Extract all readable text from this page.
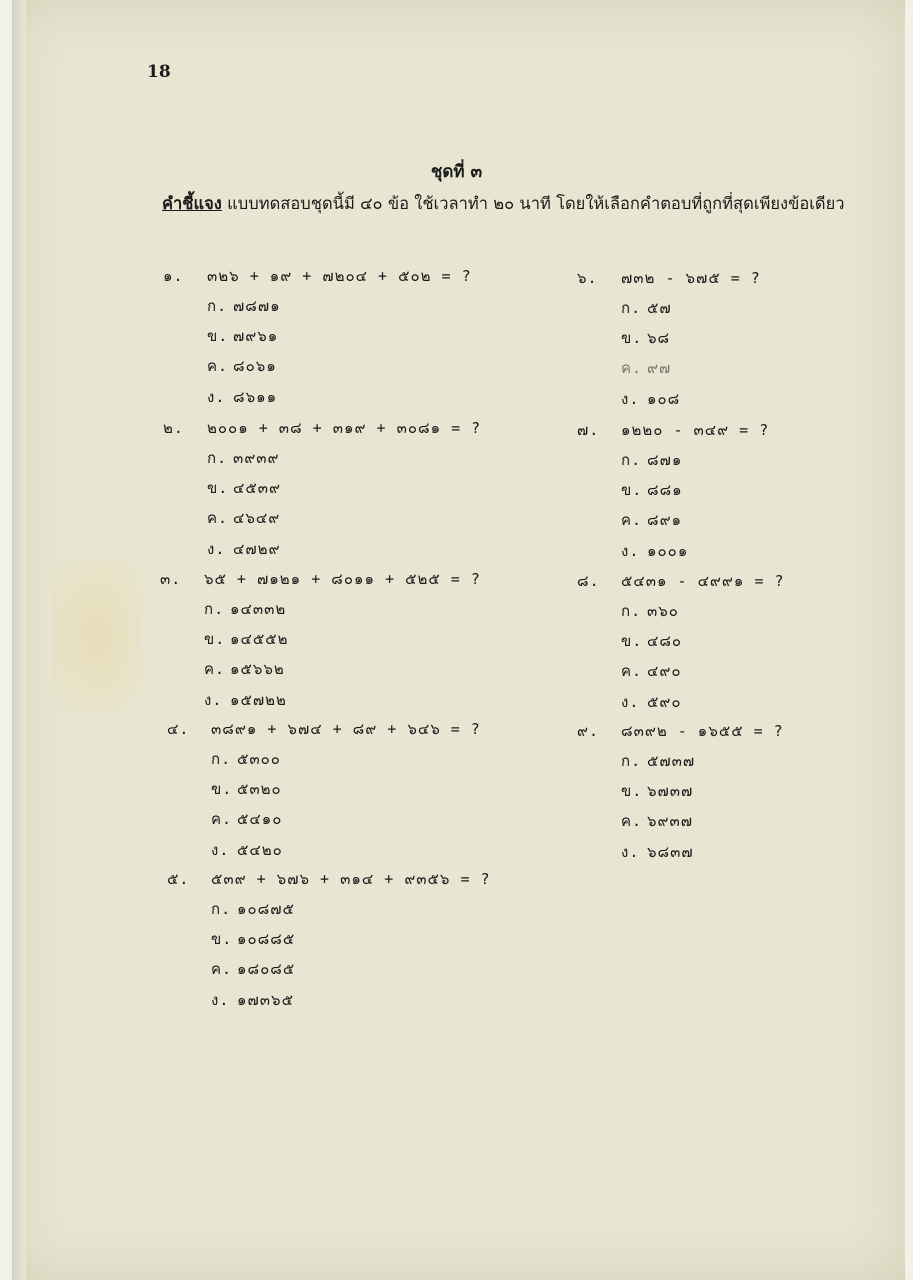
18
ชุดที่ ๓
คำชี้แจง แบบทดสอบชุดนี้มี ๔๐ ข้อ ใช้เวลาทำ ๒๐ นาที โดยให้เลือกคำตอบที่ถูกที่สุดเพียงข้อเดียว
๑. ๓๒๖ + ๑๙ + ๗๒๐๔ + ๕๐๒ = ?
ก. ๗๘๗๑
ข. ๗๙๖๑
ค. ๘๐๖๑
ง. ๘๖๑๑
๒. ๒๐๐๑ + ๓๘ + ๓๑๙ + ๓๐๘๑ = ?
ก. ๓๙๓๙
ข. ๔๕๓๙
ค. ๔๖๔๙
ง. ๔๗๒๙
๓. ๖๕ + ๗๑๒๑ + ๘๐๑๑ + ๕๒๕ = ?
ก. ๑๔๓๓๒
ข. ๑๔๕๕๒
ค. ๑๕๖๖๒
ง. ๑๕๗๒๒
๔. ๓๘๙๑ + ๖๗๔ + ๘๙ + ๖๔๖ = ?
ก. ๕๓๐๐
ข. ๕๓๒๐
ค. ๕๔๑๐
ง. ๕๔๒๐
๕. ๕๓๙ + ๖๗๖ + ๓๑๔ + ๙๓๕๖ = ?
ก. ๑๐๘๗๕
ข. ๑๐๘๘๕
ค. ๑๘๐๘๕
ง. ๑๗๓๖๕
๖. ๗๓๒ - ๖๗๕ = ?
ก. ๕๗
ข. ๖๘
ค. ๙๗
ง. ๑๐๘
๗. ๑๒๒๐ - ๓๔๙ = ?
ก. ๘๗๑
ข. ๘๘๑
ค. ๘๙๑
ง. ๑๐๐๑
๘. ๕๔๓๑ - ๔๙๙๑ = ?
ก. ๓๖๐
ข. ๔๘๐
ค. ๔๙๐
ง. ๕๙๐
๙. ๘๓๙๒ - ๑๖๕๕ = ?
ก. ๕๗๓๗
ข. ๖๗๓๗
ค. ๖๙๓๗
ง. ๖๘๓๗
